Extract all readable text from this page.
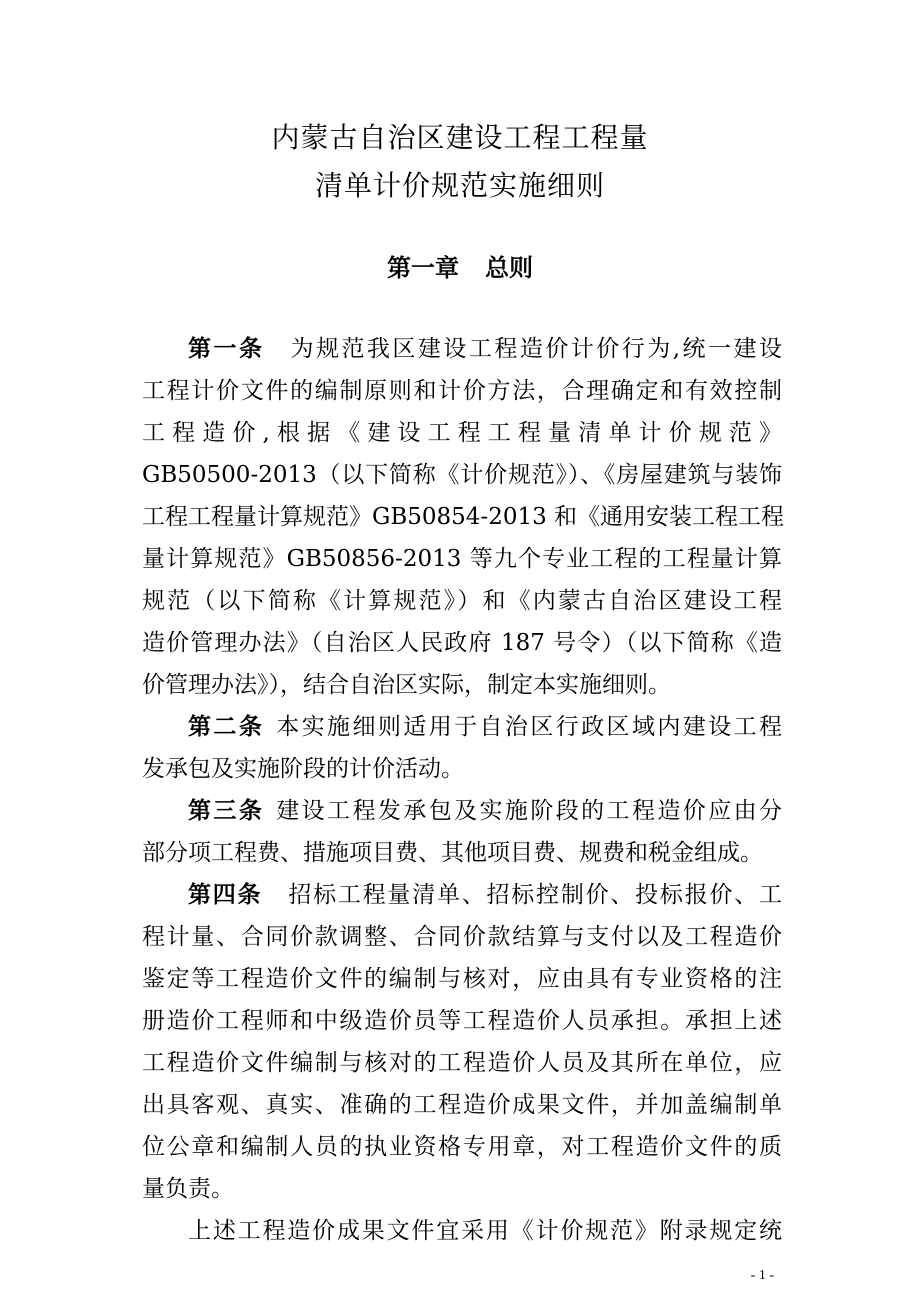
内蒙古自治区建设工程工程量
清单计价规范实施细则
第一章 总则
第一条 为规范我区建设工程造价计价行为,统一建设
工程计价文件的编制原则和计价方法，合理确定和有效控制
工程造价,根据《建设工程工程量清单计价规范》
GB50500-2013（以下简称《计价规范》）、《房屋建筑与装饰
工程工程量计算规范》GB50854-2013 和《通用安装工程工程
量计算规范》GB50856-2013 等九个专业工程的工程量计算
规范（以下简称《计算规范》）和《内蒙古自治区建设工程
造价管理办法》（自治区人民政府 187 号令）（以下简称《造
价管理办法》），结合自治区实际，制定本实施细则。
第二条 本实施细则适用于自治区行政区域内建设工程
发承包及实施阶段的计价活动。
第三条 建设工程发承包及实施阶段的工程造价应由分
部分项工程费、措施项目费、其他项目费、规费和税金组成。
第四条 招标工程量清单、招标控制价、投标报价、工
程计量、合同价款调整、合同价款结算与支付以及工程造价
鉴定等工程造价文件的编制与核对，应由具有专业资格的注
册造价工程师和中级造价员等工程造价人员承担。承担上述
工程造价文件编制与核对的工程造价人员及其所在单位，应
出具客观、真实、准确的工程造价成果文件，并加盖编制单
位公章和编制人员的执业资格专用章，对工程造价文件的质
量负责。
上述工程造价成果文件宜采用《计价规范》附录规定统
- 1 -
